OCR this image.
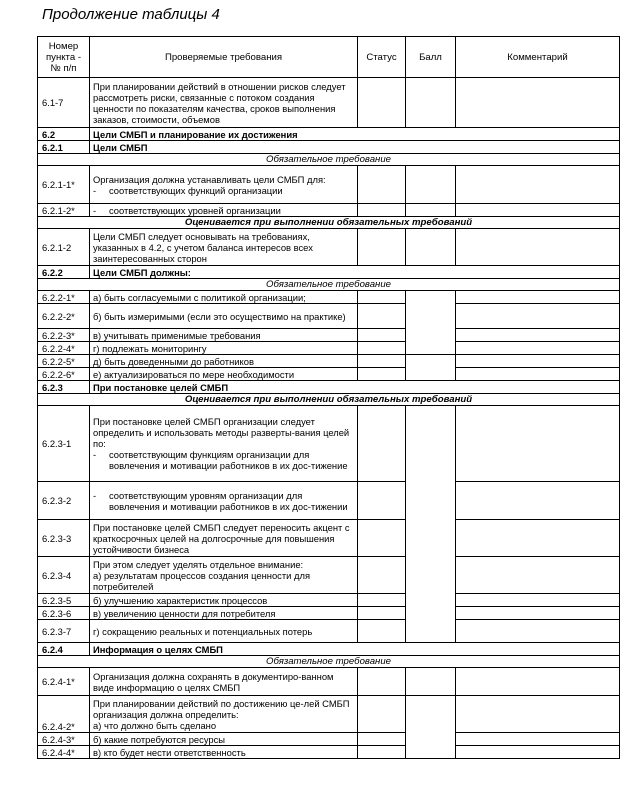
Продолжение таблицы 4
Номер пункта - № п/п	Проверяемые требования	Статус	Балл	Комментарий
6.1-7	При планировании действий в отношении рисков следует рассмотреть риски, связанные с потоком создания ценности по показателям качества, сроков выполнения заказов, стоимости, объемов			
6.2	Цели СМБП и планирование их достижения			
6.2.1	Цели СМБП			
Обязательное требование				
6.2.1-1*	Организация должна устанавливать цели СМБП для:
- соответствующих функций организации			

6.2.1-2*	- соответствующих уровней организации			

Оценивается при выполнении обязательных требований				
6.2.1-2	Цели СМБП следует основывать на требованиях, указанных в 4.2, с учетом баланса интересов всех заинтересованных сторон			
6.2.2	Цели СМБП должны:			
Обязательное требование				
6.2.2-1*	а) быть согласуемыми с политикой организации;			
6.2.2-2*	б) быть измеримыми (если это осуществимо на практике)			
6.2.2-3*	в) учитывать применимые требования			
6.2.2-4*	г) подлежать мониторингу			
6.2.2-5*	д) быть доведенными до работников			
6.2.2-6*	е) актуализироваться по мере необходимости			
6.2.3	При постановке целей СМБП			
Оценивается при выполнении обязательных требований				
6.2.3-1	При постановке целей СМБП организации следует определить и использовать методы разверты-вания целей по:
- соответствующим функциям организации для вовлечения и мотивации работников в их дос-тижение			

6.2.3-2	- соответствующим уровням организации для вовлечения и мотивации работников в их дос-тижении			

6.2.3-3	При постановке целей СМБП следует переносить акцент с краткосрочных целей на долгосрочные для повышения устойчивости бизнеса			
6.2.3-4	При этом следует уделять отдельное внимание:
а) результатам процессов создания ценности для потребителей			
6.2.3-5	б) улучшению характеристик процессов			
6.2.3-6	в) увеличению ценности для потребителя			
6.2.3-7	г) сокращению реальных и потенциальных потерь			
6.2.4	Информация о целях СМБП			
Обязательное требование				
6.2.4-1*	Организация должна сохранять в документиро-ванном виде информацию о целях СМБП			
6.2.4-2*	При планировании действий по достижению це-лей СМБП организация должна определить:
а) что должно быть сделано			
6.2.4-3*	б) какие потребуются ресурсы			
6.2.4-4*	в) кто будет нести ответственность			
